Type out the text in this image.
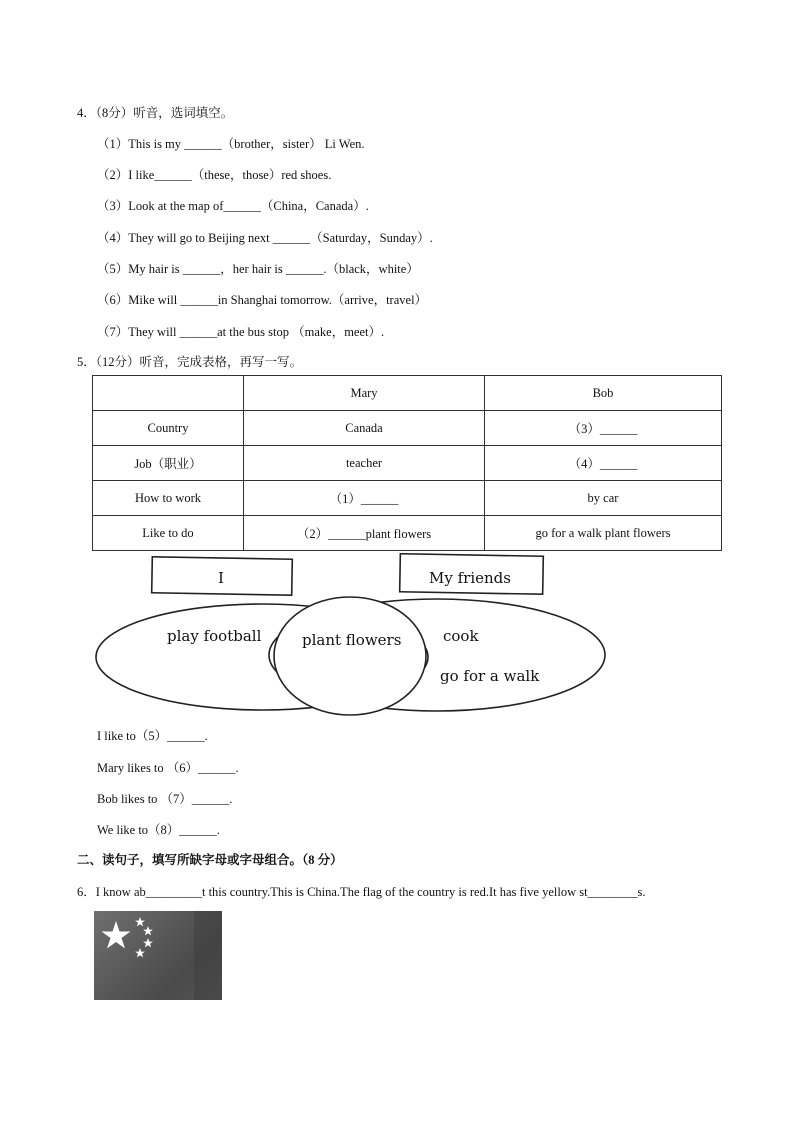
4．（8分）听音，选词填空。
（1）This is my ______（brother，sister） Li Wen.
（2）I like______（these，those）red shoes.
（3）Look at the map of______（China，Canada）.
（4）They will go to Beijing next ______（Saturday，Sunday）.
（5）My hair is ______，her hair is ______.（black，white）
（6）Mike will ______in Shanghai tomorrow.（arrive，travel）
（7）They will ______at the bus stop （make，meet）.
5．（12分）听音，完成表格，再写一写。
	Mary	Bob
Country	Canada	（3）______
Job（职业）	teacher	（4）______
How to work	（1）______	by car
Like to do	（2）______plant flowers	go for a walk plant flowers
I	My friends
play football	plant flowers	cook
go for a walk
I like to（5）______.
Mary likes to （6）______.
Bob likes to （7）______.
We like to（8）______.
二、读句子，填写所缺字母或字母组合。（8 分）
6．I know ab_________t this country.This is China.The flag of the country is red.It has five yellow st________s.
